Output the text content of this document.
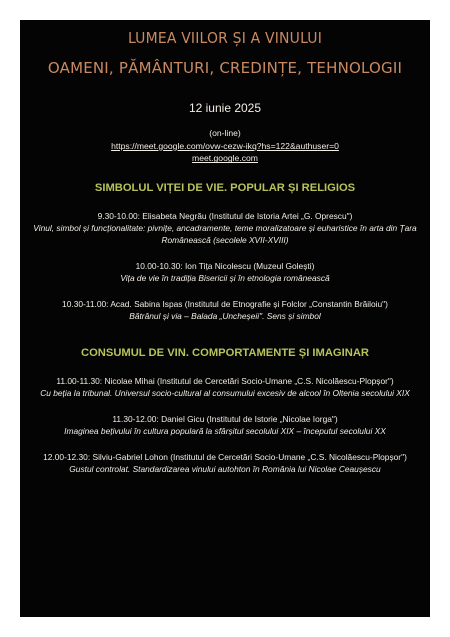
LUMEA VIILOR ȘI A VINULUI
OAMENI, PĂMÂNTURI, CREDINȚE, TEHNOLOGII
12 iunie 2025
(on-line)
https://meet.google.com/ovw-cezw-ikq?hs=122&authuser=0
meet.google.com
SIMBOLUL VIȚEI DE VIE. POPULAR ȘI RELIGIOS
9.30-10.00: Elisabeta Negrău (Institutul de Istoria Artei „G. Oprescu")
Vinul, simbol și funcționalitate: pivnițe, ancadramente, teme moralizatoare și euharistice în arta din Țara Românească (secolele XVII-XVIII)
10.00-10.30: Ion Tița Nicolescu (Muzeul Golești)
Vița de vie în tradiția Bisericii și în etnologia românească
10.30-11.00: Acad. Sabina Ispas (Institutul de Etnografie și Folclor „Constantin Brăiloiu")
Bătrânul și via – Balada „Uncheșeii". Sens și simbol
CONSUMUL DE VIN. COMPORTAMENTE ȘI IMAGINAR
11.00-11.30: Nicolae Mihai (Institutul de Cercetări Socio-Umane „C.S. Nicolăescu-Plopșor")
Cu beția la tribunal. Universul socio-cultural al consumului excesiv de alcool în Oltenia secolului XIX
11.30-12.00: Daniel Gicu (Institutul de Istorie „Nicolae Iorga")
Imaginea bețivului în cultura populară la sfârșitul secolului XIX – începutul secolului XX
12.00-12.30: Silviu-Gabriel Lohon (Institutul de Cercetări Socio-Umane „C.S. Nicolăescu-Plopșor")
Gustul controlat. Standardizarea vinului autohton în România lui Nicolae Ceaușescu
